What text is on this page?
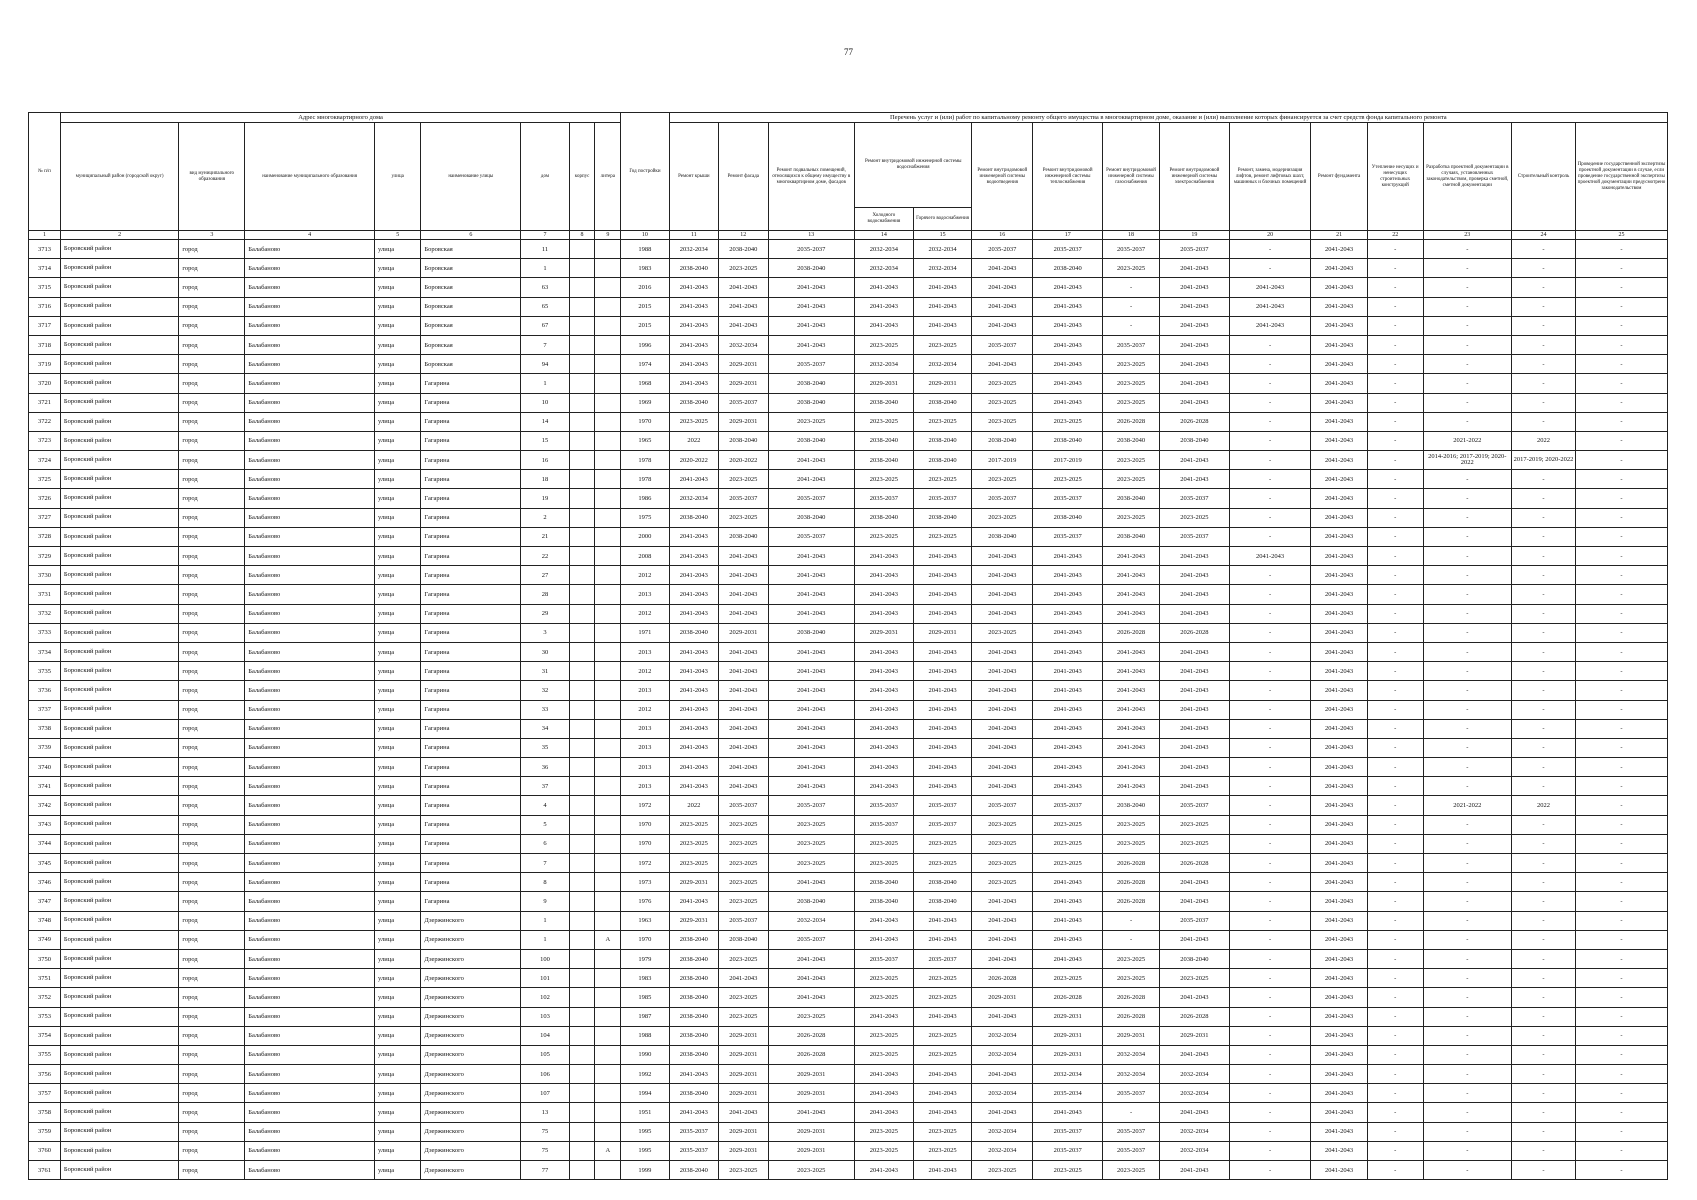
77
№ п/п	Адрес многоквартирного дома								Год постройки	Перечень услуг и (или) работ по капитальному ремонту общего имущества в многоквартирном доме, оказание и (или) выполнение которых финансируется за счет средств фонда капитального ремонта														
	муниципальный район (городской округ)	вид муниципального образования	наименование муниципального образования	улица	наименование улицы	дом	корпус	литера		Ремонт крыши	Ремонт фасада	Ремонт подвальных помещений, относящихся к общему имуществу в многоквартирном доме, фасадов	Ремонт внутридомовой инженерной системы водоснабжения		Ремонт внутридомовой инженерной системы водоотведения	Ремонт внутридомовой инженерной системы теплоснабжения	Ремонт внутридомовой инженерной системы газоснабжения	Ремонт внутридомовой инженерной системы электроснабжения	Ремонт, замена, модернизация лифтов, ремонт лифтовых шахт, машинных и блочных помещений	Ремонт фундамента	Утепление несущих и ненесущих строительных конструкций	Разработка проектной документации в случаях, установленных законодательством, проверка сметной, сметной документации	Строительный контроль	Проведение государственной экспертизы проектной документации в случае, если проведение государственной экспертизы проектной документации предусмотрено законодательством
													Холодного водоснабжения	Горячего водоснабжения										
1	2	3	4	5	6	7	8	9	10	11	12	13	14	15	16	17	18	19	20	21	22	23	24	25
3713	Боровский район	город	Балабаново	улица	Боровская	11			1988	2032-2034	2038-2040	2035-2037	2032-2034	2032-2034	2035-2037	2035-2037	2035-2037	2035-2037	-	2041-2043	-	-	-	-
3714	Боровский район	город	Балабаново	улица	Боровская	1			1983	2038-2040	2023-2025	2038-2040	2032-2034	2032-2034	2041-2043	2038-2040	2023-2025	2041-2043	-	2041-2043	-	-	-	-
3715	Боровский район	город	Балабаново	улица	Боровская	63			2016	2041-2043	2041-2043	2041-2043	2041-2043	2041-2043	2041-2043	2041-2043	-	2041-2043	2041-2043	2041-2043	-	-	-	-
3716	Боровский район	город	Балабаново	улица	Боровская	65			2015	2041-2043	2041-2043	2041-2043	2041-2043	2041-2043	2041-2043	2041-2043	-	2041-2043	2041-2043	2041-2043	-	-	-	-
3717	Боровский район	город	Балабаново	улица	Боровская	67			2015	2041-2043	2041-2043	2041-2043	2041-2043	2041-2043	2041-2043	2041-2043	-	2041-2043	2041-2043	2041-2043	-	-	-	-
3718	Боровский район	город	Балабаново	улица	Боровская	7			1996	2041-2043	2032-2034	2041-2043	2023-2025	2023-2025	2035-2037	2041-2043	2035-2037	2041-2043	-	2041-2043	-	-	-	-
3719	Боровский район	город	Балабаново	улица	Боровская	94			1974	2041-2043	2029-2031	2035-2037	2032-2034	2032-2034	2041-2043	2041-2043	2023-2025	2041-2043	-	2041-2043	-	-	-	-
3720	Боровский район	город	Балабаново	улица	Гагарина	1			1968	2041-2043	2029-2031	2038-2040	2029-2031	2029-2031	2023-2025	2041-2043	2023-2025	2041-2043	-	2041-2043	-	-	-	-
3721	Боровский район	город	Балабаново	улица	Гагарина	10			1969	2038-2040	2035-2037	2038-2040	2038-2040	2038-2040	2023-2025	2041-2043	2023-2025	2041-2043	-	2041-2043	-	-	-	-
3722	Боровский район	город	Балабаново	улица	Гагарина	14			1970	2023-2025	2029-2031	2023-2025	2023-2025	2023-2025	2023-2025	2023-2025	2026-2028	2026-2028	-	2041-2043	-	-	-	-
3723	Боровский район	город	Балабаново	улица	Гагарина	15			1965	2022	2038-2040	2038-2040	2038-2040	2038-2040	2038-2040	2038-2040	2038-2040	2038-2040	-	2041-2043	-	2021-2022	2022	-
3724	Боровский район	город	Балабаново	улица	Гагарина	16			1978	2020-2022	2020-2022	2041-2043	2038-2040	2038-2040	2017-2019	2017-2019	2023-2025	2041-2043	-	2041-2043	-	2014-2016; 2017-2019; 2020-2022	2017-2019; 2020-2022	-
3725	Боровский район	город	Балабаново	улица	Гагарина	18			1978	2041-2043	2023-2025	2041-2043	2023-2025	2023-2025	2023-2025	2023-2025	2023-2025	2041-2043	-	2041-2043	-	-	-	-
3726	Боровский район	город	Балабаново	улица	Гагарина	19			1986	2032-2034	2035-2037	2035-2037	2035-2037	2035-2037	2035-2037	2035-2037	2038-2040	2035-2037	-	2041-2043	-	-	-	-
3727	Боровский район	город	Балабаново	улица	Гагарина	2			1975	2038-2040	2023-2025	2038-2040	2038-2040	2038-2040	2023-2025	2038-2040	2023-2025	2023-2025	-	2041-2043	-	-	-	-
3728	Боровский район	город	Балабаново	улица	Гагарина	21			2000	2041-2043	2038-2040	2035-2037	2023-2025	2023-2025	2038-2040	2035-2037	2038-2040	2035-2037	-	2041-2043	-	-	-	-
3729	Боровский район	город	Балабаново	улица	Гагарина	22			2008	2041-2043	2041-2043	2041-2043	2041-2043	2041-2043	2041-2043	2041-2043	2041-2043	2041-2043	2041-2043	2041-2043	-	-	-	-
3730	Боровский район	город	Балабаново	улица	Гагарина	27			2012	2041-2043	2041-2043	2041-2043	2041-2043	2041-2043	2041-2043	2041-2043	2041-2043	2041-2043	-	2041-2043	-	-	-	-
3731	Боровский район	город	Балабаново	улица	Гагарина	28			2013	2041-2043	2041-2043	2041-2043	2041-2043	2041-2043	2041-2043	2041-2043	2041-2043	2041-2043	-	2041-2043	-	-	-	-
3732	Боровский район	город	Балабаново	улица	Гагарина	29			2012	2041-2043	2041-2043	2041-2043	2041-2043	2041-2043	2041-2043	2041-2043	2041-2043	2041-2043	-	2041-2043	-	-	-	-
3733	Боровский район	город	Балабаново	улица	Гагарина	3			1971	2038-2040	2029-2031	2038-2040	2029-2031	2029-2031	2023-2025	2041-2043	2026-2028	2026-2028	-	2041-2043	-	-	-	-
3734	Боровский район	город	Балабаново	улица	Гагарина	30			2013	2041-2043	2041-2043	2041-2043	2041-2043	2041-2043	2041-2043	2041-2043	2041-2043	2041-2043	-	2041-2043	-	-	-	-
3735	Боровский район	город	Балабаново	улица	Гагарина	31			2012	2041-2043	2041-2043	2041-2043	2041-2043	2041-2043	2041-2043	2041-2043	2041-2043	2041-2043	-	2041-2043	-	-	-	-
3736	Боровский район	город	Балабаново	улица	Гагарина	32			2013	2041-2043	2041-2043	2041-2043	2041-2043	2041-2043	2041-2043	2041-2043	2041-2043	2041-2043	-	2041-2043	-	-	-	-
3737	Боровский район	город	Балабаново	улица	Гагарина	33			2012	2041-2043	2041-2043	2041-2043	2041-2043	2041-2043	2041-2043	2041-2043	2041-2043	2041-2043	-	2041-2043	-	-	-	-
3738	Боровский район	город	Балабаново	улица	Гагарина	34			2013	2041-2043	2041-2043	2041-2043	2041-2043	2041-2043	2041-2043	2041-2043	2041-2043	2041-2043	-	2041-2043	-	-	-	-
3739	Боровский район	город	Балабаново	улица	Гагарина	35			2013	2041-2043	2041-2043	2041-2043	2041-2043	2041-2043	2041-2043	2041-2043	2041-2043	2041-2043	-	2041-2043	-	-	-	-
3740	Боровский район	город	Балабаново	улица	Гагарина	36			2013	2041-2043	2041-2043	2041-2043	2041-2043	2041-2043	2041-2043	2041-2043	2041-2043	2041-2043	-	2041-2043	-	-	-	-
3741	Боровский район	город	Балабаново	улица	Гагарина	37			2013	2041-2043	2041-2043	2041-2043	2041-2043	2041-2043	2041-2043	2041-2043	2041-2043	2041-2043	-	2041-2043	-	-	-	-
3742	Боровский район	город	Балабаново	улица	Гагарина	4			1972	2022	2035-2037	2035-2037	2035-2037	2035-2037	2035-2037	2035-2037	2038-2040	2035-2037	-	2041-2043	-	2021-2022	2022	-
3743	Боровский район	город	Балабаново	улица	Гагарина	5			1970	2023-2025	2023-2025	2023-2025	2035-2037	2035-2037	2023-2025	2023-2025	2023-2025	2023-2025	-	2041-2043	-	-	-	-
3744	Боровский район	город	Балабаново	улица	Гагарина	6			1970	2023-2025	2023-2025	2023-2025	2023-2025	2023-2025	2023-2025	2023-2025	2023-2025	2023-2025	-	2041-2043	-	-	-	-
3745	Боровский район	город	Балабаново	улица	Гагарина	7			1972	2023-2025	2023-2025	2023-2025	2023-2025	2023-2025	2023-2025	2023-2025	2026-2028	2026-2028	-	2041-2043	-	-	-	-
3746	Боровский район	город	Балабаново	улица	Гагарина	8			1973	2029-2031	2023-2025	2041-2043	2038-2040	2038-2040	2023-2025	2041-2043	2026-2028	2041-2043	-	2041-2043	-	-	-	-
3747	Боровский район	город	Балабаново	улица	Гагарина	9			1976	2041-2043	2023-2025	2038-2040	2038-2040	2038-2040	2041-2043	2041-2043	2026-2028	2041-2043	-	2041-2043	-	-	-	-
3748	Боровский район	город	Балабаново	улица	Дзержинского	1			1963	2029-2031	2035-2037	2032-2034	2041-2043	2041-2043	2041-2043	2041-2043	-	2035-2037	-	2041-2043	-	-	-	-
3749	Боровский район	город	Балабаново	улица	Дзержинского	1		А	1970	2038-2040	2038-2040	2035-2037	2041-2043	2041-2043	2041-2043	2041-2043	-	2041-2043	-	2041-2043	-	-	-	-
3750	Боровский район	город	Балабаново	улица	Дзержинского	100			1979	2038-2040	2023-2025	2041-2043	2035-2037	2035-2037	2041-2043	2041-2043	2023-2025	2038-2040	-	2041-2043	-	-	-	-
3751	Боровский район	город	Балабаново	улица	Дзержинского	101			1983	2038-2040	2041-2043	2041-2043	2023-2025	2023-2025	2026-2028	2023-2025	2023-2025	2023-2025	-	2041-2043	-	-	-	-
3752	Боровский район	город	Балабаново	улица	Дзержинского	102			1985	2038-2040	2023-2025	2041-2043	2023-2025	2023-2025	2029-2031	2026-2028	2026-2028	2041-2043	-	2041-2043	-	-	-	-
3753	Боровский район	город	Балабаново	улица	Дзержинского	103			1987	2038-2040	2023-2025	2023-2025	2041-2043	2041-2043	2041-2043	2029-2031	2026-2028	2026-2028	-	2041-2043	-	-	-	-
3754	Боровский район	город	Балабаново	улица	Дзержинского	104			1988	2038-2040	2029-2031	2026-2028	2023-2025	2023-2025	2032-2034	2029-2031	2029-2031	2029-2031	-	2041-2043	-	-	-	-
3755	Боровский район	город	Балабаново	улица	Дзержинского	105			1990	2038-2040	2029-2031	2026-2028	2023-2025	2023-2025	2032-2034	2029-2031	2032-2034	2041-2043	-	2041-2043	-	-	-	-
3756	Боровский район	город	Балабаново	улица	Дзержинского	106			1992	2041-2043	2029-2031	2029-2031	2041-2043	2041-2043	2041-2043	2032-2034	2032-2034	2032-2034	-	2041-2043	-	-	-	-
3757	Боровский район	город	Балабаново	улица	Дзержинского	107			1994	2038-2040	2029-2031	2029-2031	2041-2043	2041-2043	2032-2034	2035-2034	2035-2037	2032-2034	-	2041-2043	-	-	-	-
3758	Боровский район	город	Балабаново	улица	Дзержинского	13			1951	2041-2043	2041-2043	2041-2043	2041-2043	2041-2043	2041-2043	2041-2043	-	2041-2043	-	2041-2043	-	-	-	-
3759	Боровский район	город	Балабаново	улица	Дзержинского	75			1995	2035-2037	2029-2031	2029-2031	2023-2025	2023-2025	2032-2034	2035-2037	2035-2037	2032-2034	-	2041-2043	-	-	-	-
3760	Боровский район	город	Балабаново	улица	Дзержинского	75		А	1995	2035-2037	2029-2031	2029-2031	2023-2025	2023-2025	2032-2034	2035-2037	2035-2037	2032-2034	-	2041-2043	-	-	-	-
3761	Боровский район	город	Балабаново	улица	Дзержинского	77			1999	2038-2040	2023-2025	2023-2025	2041-2043	2041-2043	2023-2025	2023-2025	2023-2025	2041-2043	-	2041-2043	-	-	-	-
